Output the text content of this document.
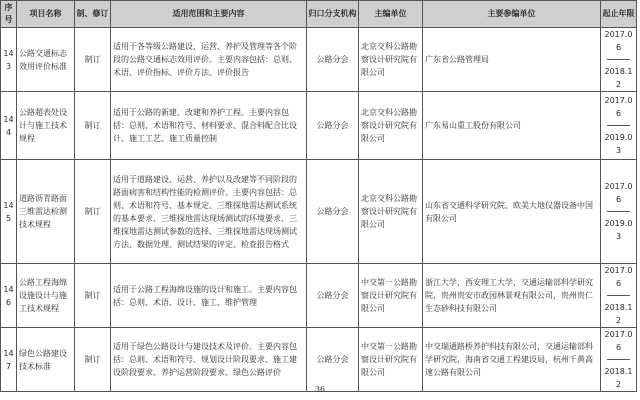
序号	项目名称	制、修订	适用范围和主要内容	归口分支机构	主编单位	主要参编单位	起止年限
143	公路交通标志效用评价标准	制订	适用于各等级公路建设、运营、养护及管理等各个阶段的公路交通标志效用评价。主要内容包括：总则、术语、评价指标、评价方法、评价报告	公路分会	北京交科公路勘察设计研究院有限公司	广东省公路管理局	2017.06
2018.12
144	公路超表处设计与施工技术规程	制订	适用于公路的新建、改建和养护工程。主要内容包括：总则，术语和符号、材料要求、混合料配合比设计、施工工艺、施工质量控制	公路分会	北京交科公路勘察设计研究院有限公司	广东易山重工股份有限公司	2017.06
2019.03
145	道路沥青路面三维雷达检测技术规程	制订	适用于道路建设、运营、养护以及改建等不同阶段的路面病害和结构性能的检测评价。主要内容包括：总则、术语和符号、基本规定、三维探地雷达测试系统的基本要求、三维探地雷达现场测试的环境要求、三维探地雷达测试参数的选择、三维探地雷达现场测试方法、数据处理、测试结果的评定、检查报告格式	公路分会	北京交科公路勘察设计研究院有限公司	山东省交通科学研究院、欧美大地仪器设备中国有限公司	2017.06
2019.03
146	公路工程海绵设施设计与施工技术规程	制订	适用于公路工程海绵设施的设计和施工。主要内容包括：总则、术语、设计、施工、维护管理	公路分会	中交第一公路勘察设计研究院有限公司	浙江大学，西安理工大学，交通运输部科学研究院，贵州贵安市政园林景观有限公司，贵州贵仁生态砂科技有限公司	2017.06
2018.12
147	绿色公路建设技术标准	制订	适用于绿色公路设计与建设技术及评价。主要内容包括：总则、术语和符号、规划设计阶段要求、施工建设阶段要求、养护运营阶段要求、绿色公路评价	公路分会	中交第一公路勘察设计研究院有限公司	中交瑞通路桥养护科技有限公司，交通运输部科学研究院，海南省交通工程建设局，杭州千黄高速公路有限公司	2017.06
2018.12
36
